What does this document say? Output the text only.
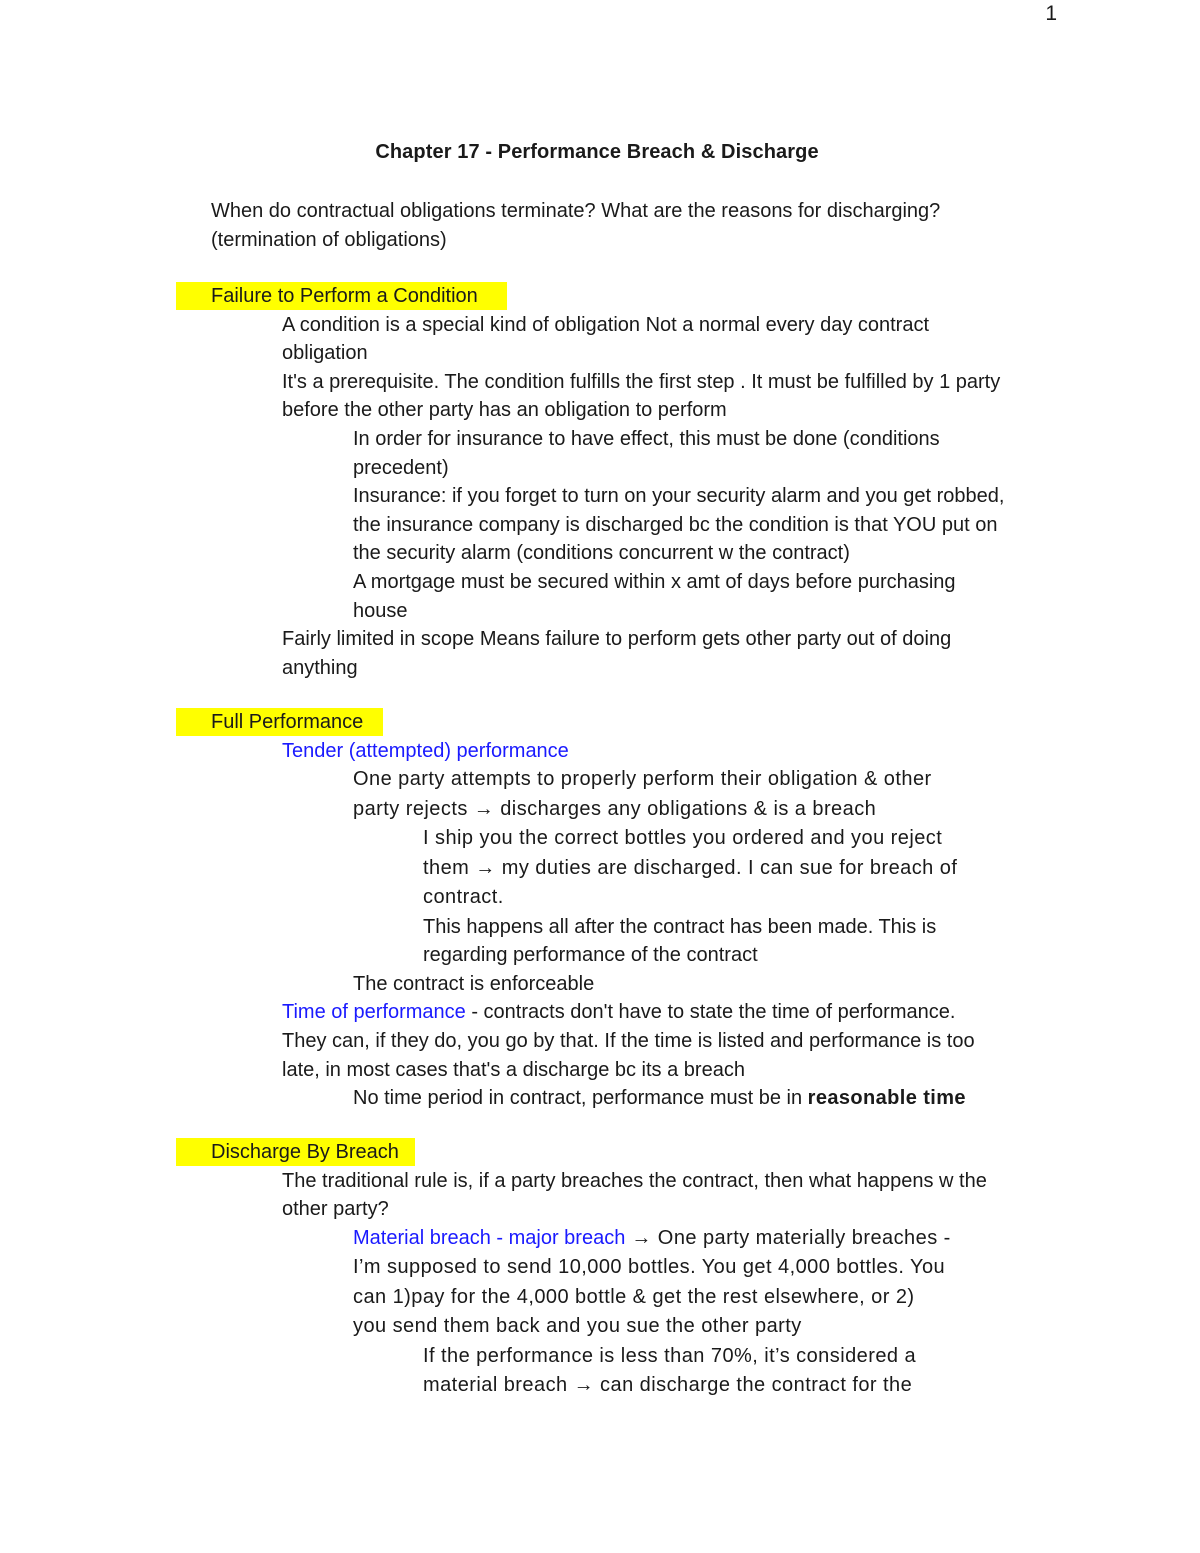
1
Chapter 17 - Performance Breach & Discharge
When do contractual obligations terminate? What are the reasons for discharging?
(termination of obligations)
Failure to Perform a Condition
A condition is a special kind of obligation Not a normal every day contract
obligation
It's a prerequisite. The condition fulfills the first step . It must be fulfilled by 1 party
before the other party has an obligation to perform
In order for insurance to have effect, this must be done (conditions
precedent)
Insurance: if you forget to turn on your security alarm and you get robbed,
the insurance company is discharged bc the condition is that YOU put on
the security alarm (conditions concurrent w the contract)
A mortgage must be secured within x amt of days before purchasing
house
Fairly limited in scope Means failure to perform gets other party out of doing
anything
Full Performance
Tender (attempted) performance
One party attempts to properly perform their obligation & other
party rejects → discharges any obligations & is a breach
I ship you the correct bottles you ordered and you reject
them → my duties are discharged. I can sue for breach of
contract.
This happens all after the contract has been made. This is
regarding performance of the contract
The contract is enforceable
Time of performance - contracts don't have to state the time of performance.
They can, if they do, you go by that. If the time is listed and performance is too
late, in most cases that's a discharge bc its a breach
No time period in contract, performance must be in reasonable time
Discharge By Breach
The traditional rule is, if a party breaches the contract, then what happens w the
other party?
Material breach - major breach → One party materially breaches -
I’m supposed to send 10,000 bottles. You get 4,000 bottles. You
can 1)pay for the 4,000 bottle & get the rest elsewhere, or 2)
you send them back and you sue the other party
If the performance is less than 70%, it’s considered a
material breach → can discharge the contract for the
